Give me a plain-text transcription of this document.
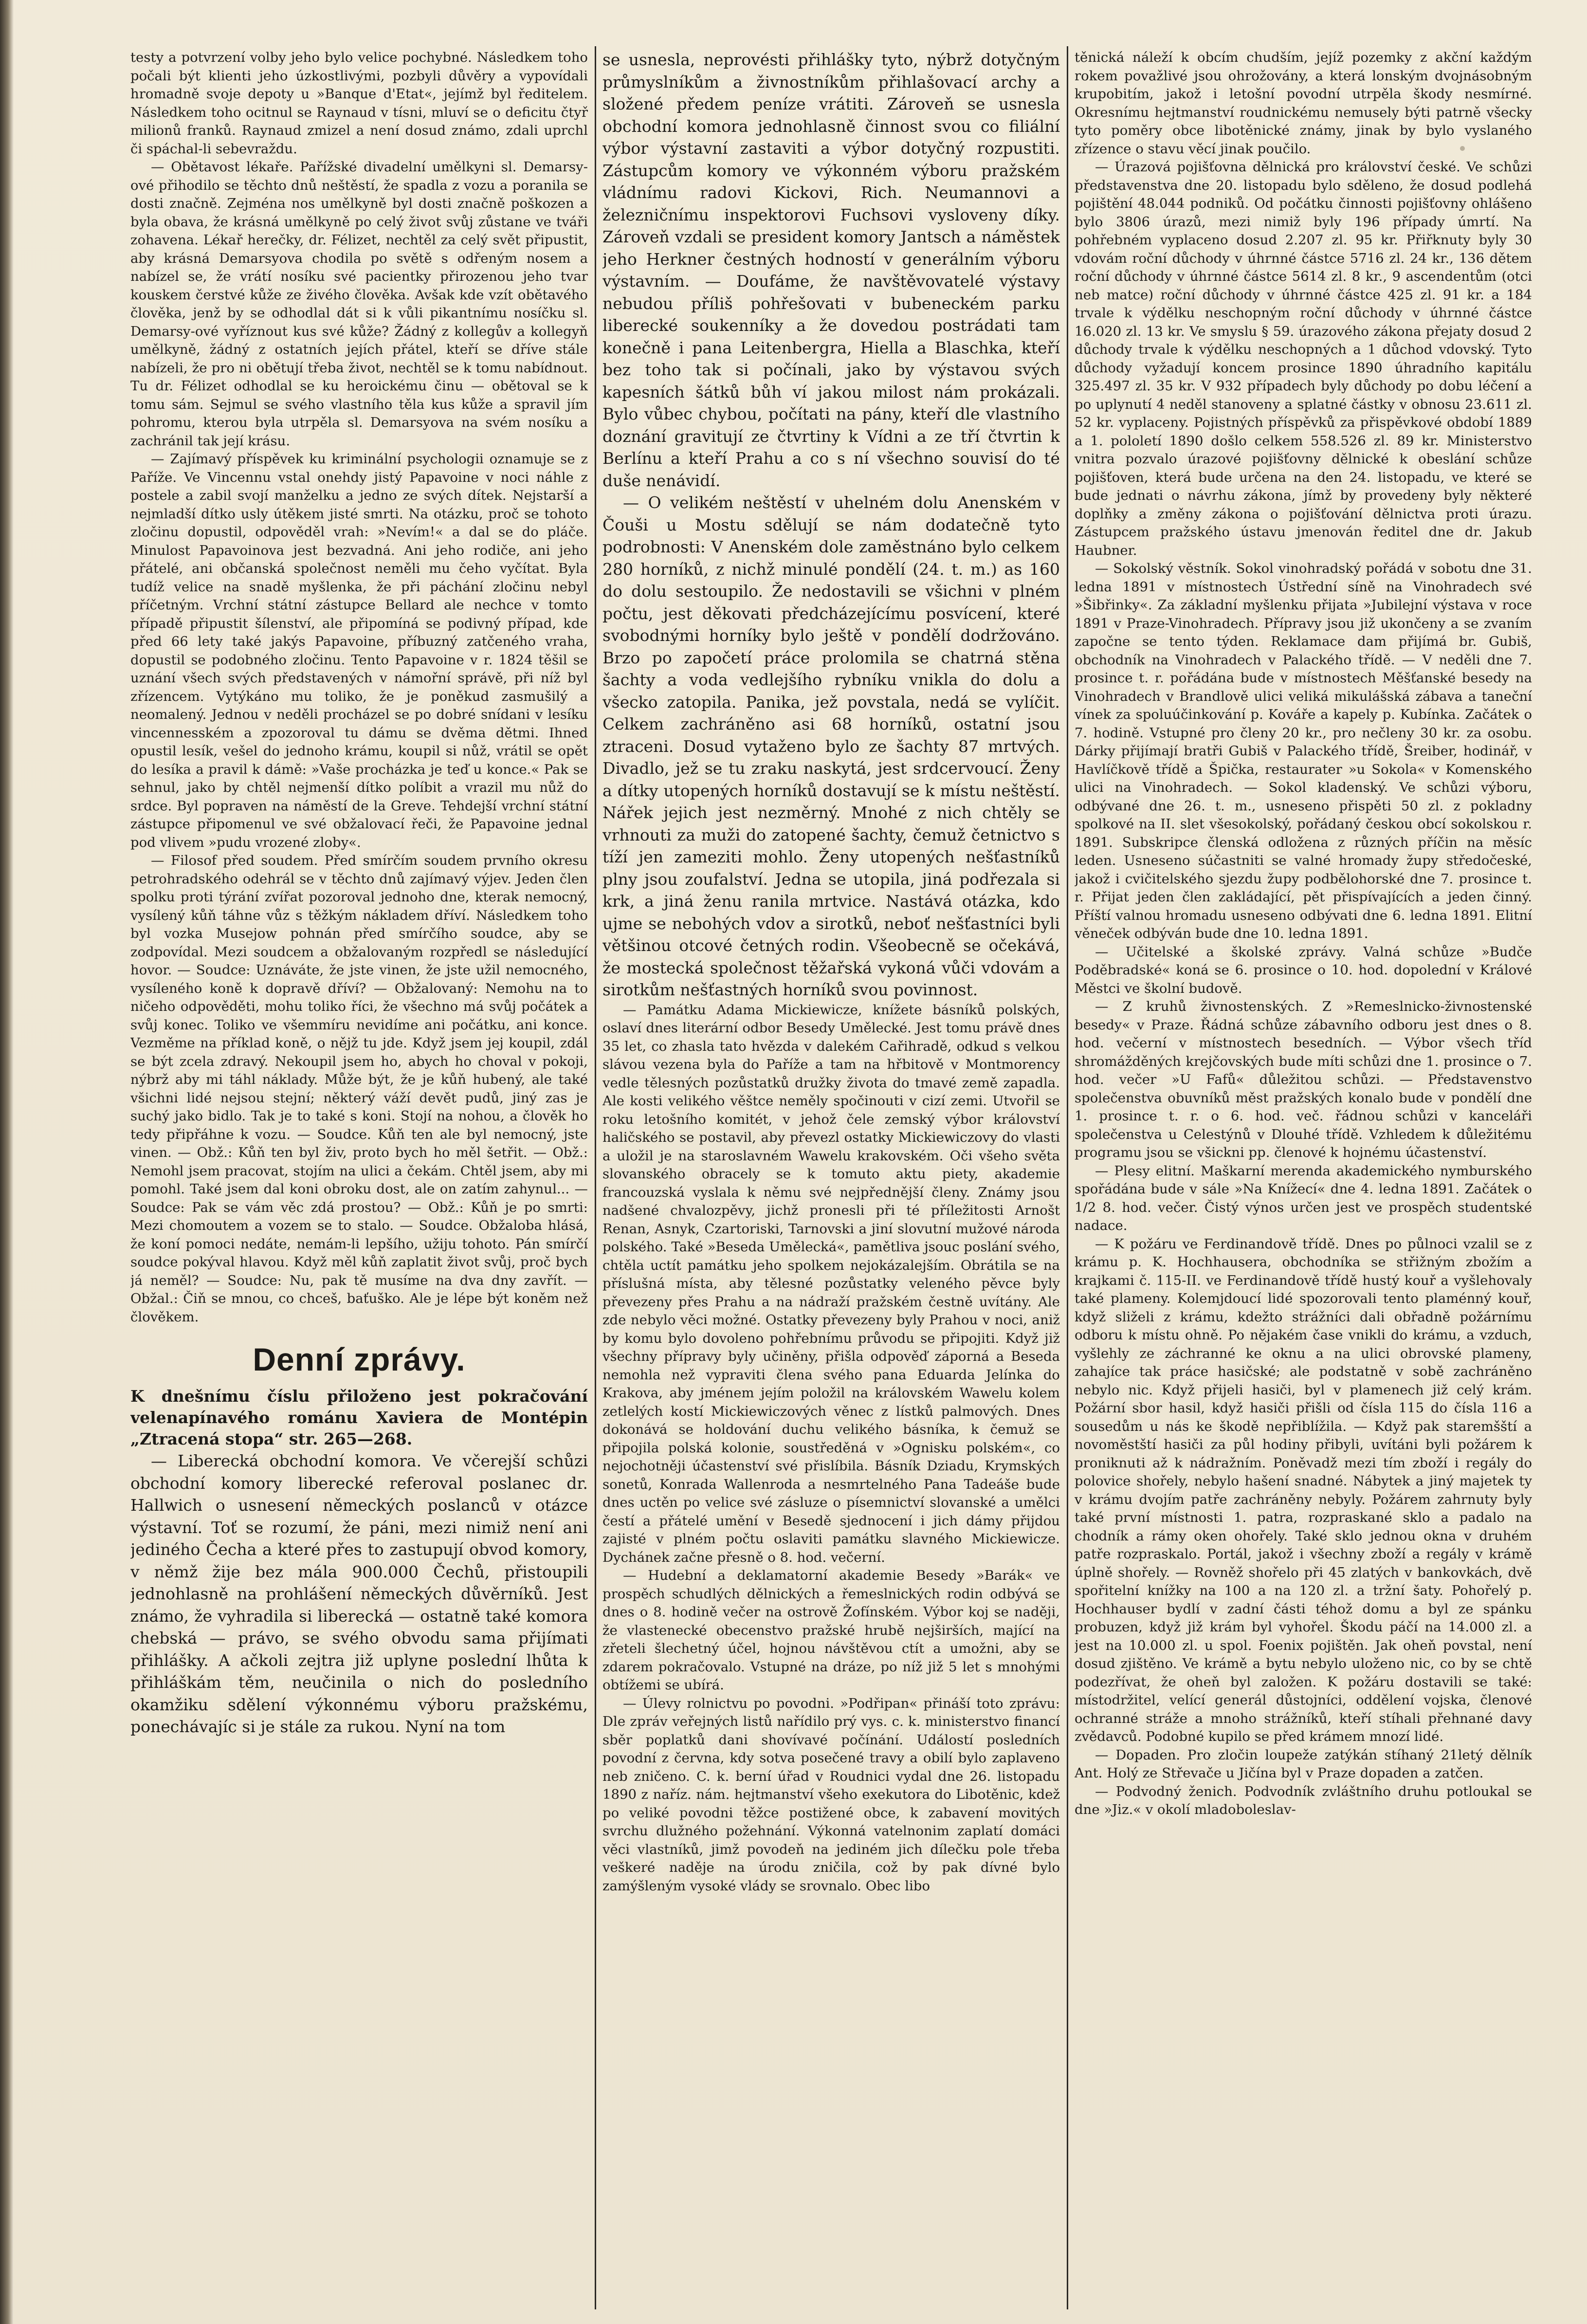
testy a potvrzení volby jeho bylo velice pochybné. Následkem toho počali být klienti jeho úzkostlivými, pozbyli důvěry a vypovídali hromadně svoje depoty u »Banque d'Etat«, jejímž byl ředitelem. Následkem toho ocitnul se Raynaud v tísni, mluví se o deficitu čtyř milionů franků. Raynaud zmizel a není dosud známo, zdali uprchl či spáchal-li sebevraždu.

— Obětavost lékaře. Pařížské divadelní umělkyni sl. Demarsy-ové přihodilo se těchto dnů neštěstí, že spadla z vozu a poranila se dosti značně. Zejména nos umělkyně byl dosti značně poškozen a byla obava, že krásná umělkyně po celý život svůj zůstane ve tváři zohavena. Lékař herečky, dr. Félizet, nechtěl za celý svět připustit, aby krásná Demarsyova chodila po světě s odřeným nosem a nabízel se, že vrátí nosíku své pacientky přirozenou jeho tvar kouskem čerstvé kůže ze živého člověka. Avšak kde vzít obětavého člověka, jenž by se odhodlal dát si k vůli pikantnímu nosíčku sl. Demarsy-ové vyříznout kus své kůže? Žádný z kollegův a kollegyň umělkyně, žádný z ostatních jejích přátel, kteří se dříve stále nabízeli, že pro ni obětují třeba život, nechtěl se k tomu nabídnout. Tu dr. Félizet odhodlal se ku heroickému činu — obětoval se k tomu sám. Sejmul se svého vlastního těla kus kůže a spravil jím pohromu, kterou byla utrpěla sl. Demarsyova na svém nosíku a zachránil tak její krásu.

— Zajímavý příspěvek ku kriminální psychologii oznamuje se z Paříže. Ve Vincennu vstal onehdy jistý Papavoine v noci náhle z postele a zabil svojí manželku a jedno ze svých dítek. Nejstarší a nejmladší dítko usly útěkem jisté smrti. Na otázku, proč se tohoto zločinu dopustil, odpověděl vrah: »Nevím!« a dal se do pláče. Minulost Papavoinova jest bezvadná. Ani jeho rodiče, ani jeho přátelé, ani občanská společnost neměli mu čeho vyčítat. Byla tudíž velice na snadě myšlenka, že při páchání zločinu nebyl příčetným. Vrchní státní zástupce Bellard ale nechce v tomto případě připustit šílenství, ale připomíná se podivný případ, kde před 66 lety také jakýs Papavoine, příbuzný zatčeného vraha, dopustil se podobného zločinu. Tento Papavoine v r. 1824 těšil se uznání všech svých představených v námořní správě, při níž byl zřízencem. Vytýkáno mu toliko, že je poněkud zasmušilý a neomalený. Jednou v neděli procházel se po dobré snídani v lesíku vincennesském a zpozoroval tu dámu se dvěma dětmi. Ihned opustil lesík, vešel do jednoho krámu, koupil si nůž, vrátil se opět do lesíka a pravil k dámě: »Vaše procházka je teď u konce.« Pak se sehnul, jako by chtěl nejmenší dítko políbit a vrazil mu nůž do srdce. Byl popraven na náměstí de la Greve. Tehdejší vrchní státní zástupce připomenul ve své obžalovací řeči, že Papavoine jednal pod vlivem »pudu vrozené zloby«.

— Filosof před soudem. Před smírčím soudem prvního okresu petrohradského odehrál se v těchto dnů zajímavý výjev. Jeden člen spolku proti týrání zvířat pozoroval jednoho dne, kterak nemocný, vysílený kůň táhne vůz s těžkým nákladem dříví. Následkem toho byl vozka Musejow pohnán před smírčího soudce, aby se zodpovídal. Mezi soudcem a obžalovaným rozpředl se následující hovor. — Soudce: Uznáváte, že jste vinen, že jste užil nemocného, vysíleného koně k dopravě dříví? — Obžalovaný: Nemohu na to ničeho odpověděti, mohu toliko říci, že všechno má svůj počátek a svůj konec. Toliko ve všemmíru nevidíme ani počátku, ani konce. Vezměme na příklad koně, o nějž tu jde. Když jsem jej koupil, zdál se být zcela zdravý. Nekoupil jsem ho, abych ho choval v pokoji, nýbrž aby mi táhl náklady. Může být, že je kůň hubený, ale také všichni lidé nejsou stejní; některý váží devět pudů, jiný zas je suchý jako bidlo. Tak je to také s koni. Stojí na nohou, a člověk ho tedy připřáhne k vozu. — Soudce. Kůň ten ale byl nemocný, jste vinen. — Obž.: Kůň ten byl živ, proto bych ho měl šetřit. — Obž.: Nemohl jsem pracovat, stojím na ulici a čekám. Chtěl jsem, aby mi pomohl. Také jsem dal koni obroku dost, ale on zatím zahynul... — Soudce: Pak se vám věc zdá prostou? — Obž.: Kůň je po smrti: Mezi chomoutem a vozem se to stalo. — Soudce. Obžaloba hlásá, že koní pomoci nedáte, nemám-li lepšího, užiju tohoto. Pán smírčí soudce pokýval hlavou. Když měl kůň zaplatit život svůj, proč bych já neměl? — Soudce: Nu, pak tě musíme na dva dny zavřít. — Obžal.: Čiň se mnou, co chceš, baťuško. Ale je lépe být koněm než člověkem.

Denní zprávy.

K dnešnímu číslu přiloženo jest pokračování velenapínavého románu Xaviera de Montépin „Ztracená stopa“ str. 265—268.

— Liberecká obchodní komora. Ve včerejší schůzi obchodní komory liberecké referoval poslanec dr. Hallwich o usnesení německých poslanců v otázce výstavní. Toť se rozumí, že páni, mezi nimiž není ani jediného Čecha a které přes to zastupují obvod komory, v němž žije bez mála 900.000 Čechů, přistoupili jednohlasně na prohlášení německých důvěrníků. Jest známo, že vyhradila si liberecká — ostatně také komora chebská — právo, se svého obvodu sama přijímati přihlášky. A ačkoli zejtra již uplyne poslední lhůta k přihláškám těm, neučinila o nich do posledního okamžiku sdělení výkonnému výboru pražskému, ponechávajíc si je stále za rukou. Nyní na tom

se usnesla, neprovésti přihlášky tyto, nýbrž dotyčným průmyslníkům a živnostníkům přihlašovací archy a složené předem peníze vrátiti. Zároveň se usnesla obchodní komora jednohlasně činnost svou co filiální výbor výstavní zastaviti a výbor dotyčný rozpustiti. Zástupcům komory ve výkonném výboru pražském vládnímu radovi Kickovi, Rich. Neumannovi a železničnímu inspektorovi Fuchsovi vysloveny díky. Zároveň vzdali se president komory Jantsch a náměstek jeho Herkner čestných hodností v generálním výboru výstavním. — Doufáme, že navštěvovatelé výstavy nebudou příliš pohřešovati v bubeneckém parku liberecké soukenníky a že dovedou postrádati tam konečně i pana Leitenbergra, Hiella a Blaschka, kteří bez toho tak si počínali, jako by výstavou svých kapesních šátků bůh ví jakou milost nám prokázali. Bylo vůbec chybou, počítati na pány, kteří dle vlastního doznání gravitují ze čtvrtiny k Vídni a ze tří čtvrtin k Berlínu a kteří Prahu a co s ní všechno souvisí do té duše nenávidí.

— O velikém neštěstí v uhelném dolu Anenském v Čouši u Mostu sdělují se nám dodatečně tyto podrobnosti: V Anenském dole zaměstnáno bylo celkem 280 horníků, z nichž minulé pondělí (24. t. m.) as 160 do dolu sestoupilo. Že nedostavili se všichni v plném počtu, jest děkovati předcházejícímu posvícení, které svobodnými horníky bylo ještě v pondělí dodržováno. Brzo po započetí práce prolomila se chatrná stěna šachty a voda vedlejšího rybníku vnikla do dolu a všecko zatopila. Panika, jež povstala, nedá se vylíčit. Celkem zachráněno asi 68 horníků, ostatní jsou ztraceni. Dosud vytaženo bylo ze šachty 87 mrtvých. Divadlo, jež se tu zraku naskytá, jest srdcervoucí. Ženy a dítky utopených horníků dostavují se k místu neštěstí. Nářek jejich jest nezměrný. Mnohé z nich chtěly se vrhnouti za muži do zatopené šachty, čemuž četnictvo s tíží jen zameziti mohlo. Ženy utopených nešťastníků plny jsou zoufalství. Jedna se utopila, jiná podřezala si krk, a jiná ženu ranila mrtvice. Nastává otázka, kdo ujme se nebohých vdov a sirotků, neboť nešťastníci byli většinou otcové četných rodin. Všeobecně se očekává, že mostecká společnost těžařská vykoná vůči vdovám a sirotkům nešťastných horníků svou povinnost.

— Památku Adama Mickiewicze, knížete básníků polských, oslaví dnes literární odbor Besedy Umělecké. Jest tomu právě dnes 35 let, co zhasla tato hvězda v dalekém Cařihradě, odkud s velkou slávou vezena byla do Paříže a tam na hřbitově v Montmorency vedle tělesných pozůstatků družky života do tmavé země zapadla. Ale kosti velikého věštce neměly spočinouti v cizí zemi. Utvořil se roku letošního komitét, v jehož čele zemský výbor království haličského se postavil, aby převezl ostatky Mickiewiczovy do vlasti a uložil je na staroslavném Wawelu krakovském. Oči všeho světa slovanského obracely se k tomuto aktu piety, akademie francouzská vyslala k němu své nejpřednější členy. Známy jsou nadšené chvalozpěvy, jichž pronesli při té příležitosti Arnošt Renan, Asnyk, Czartoriski, Tarnovski a jiní slovutní mužové národa polského. Také »Beseda Umělecká«, pamětliva jsouc poslání svého, chtěla uctít památku jeho spolkem nejokázalejším. Obrátila se na příslušná místa, aby tělesné pozůstatky veleného pěvce byly převezeny přes Prahu a na nádraží pražském čestně uvítány. Ale zde nebylo věci možné. Ostatky převezeny byly Prahou v noci, aniž by komu bylo dovoleno pohřebnímu průvodu se připojiti. Když již všechny přípravy byly učiněny, přišla odpověď záporná a Beseda nemohla než vypraviti člena svého pana Eduarda Jelínka do Krakova, aby jménem jejím položil na královském Wawelu kolem zetlelých kostí Mickiewiczových věnec z lístků palmových. Dnes dokonává se holdování duchu velikého básníka, k čemuž se připojila polská kolonie, soustředěná v »Ognisku polském«, co nejochotněji účastenství své přislíbila. Básník Dziadu, Krymských sonetů, Konrada Wallenroda a nesmrtelného Pana Tadeáše bude dnes uctěn po velice své zásluze o písemnictví slovanské a umělci čestí a přátelé umění v Besedě sjednocení i jich dámy přijdou zajisté v plném počtu oslaviti památku slavného Mickiewicze. Dychánek začne přesně o 8. hod. večerní.

— Hudební a deklamatorní akademie Besedy »Barák« ve prospěch schudlých dělnických a řemeslnických rodin odbývá se dnes o 8. hodině večer na ostrově Žofínském. Výbor koj se naději, že vlastenecké obecenstvo pražské hrubě nejširších, mající na zřeteli šlechetný účel, hojnou návštěvou ctít a umožni, aby se zdarem pokračovalo. Vstupné na dráze, po níž již 5 let s mnohými obtížemi se ubírá.

— Úlevy rolnictvu po povodni. »Podřipan« přináší toto zprávu: Dle zpráv veřejných listů nařídilo prý vys. c. k. ministerstvo financí sběr poplatků dani shovívavé počínání. Událostí posledních povodní z června, kdy sotva posečené travy a obilí bylo zaplaveno neb zničeno. C. k. berní úřad v Roudnici vydal dne 26. listopadu 1890 z naříz. nám. hejtmanství všeho exekutora do Libotěnic, kdež po veliké povodni těžce postižené obce, k zabavení movitých svrchu dlužného požehnání. Výkonná vatelnonim zaplatí domáci věci vlastníků, jimž povodeň na jediném jich dílečku pole třeba veškeré naděje na úrodu zničila, což by pak dívné bylo zamýšleným vysoké vlády se srovnalo. Obec libo

těnická náleží k obcím chudším, jejíž pozemky z akční každým rokem považlivé jsou ohrožovány, a která lonským dvojnásobným krupobitím, jakož i letošní povodní utrpěla škody nesmírné. Okresnímu hejtmanství roudnickému nemusely býti patrně všecky tyto poměry obce libotěnické známy, jinak by bylo vyslaného zřízence o stavu věcí jinak poučilo.

— Úrazová pojišťovna dělnická pro království české. Ve schůzi představenstva dne 20. listopadu bylo sděleno, že dosud podlehá pojištění 48.044 podniků. Od počátku činnosti pojišťovny ohlášeno bylo 3806 úrazů, mezi nimiž byly 196 případy úmrtí. Na pohřebném vyplaceno dosud 2.207 zl. 95 kr. Přiřknuty byly 30 vdovám roční důchody v úhrnné částce 5716 zl. 24 kr., 136 dětem roční důchody v úhrnné částce 5614 zl. 8 kr., 9 ascendentům (otci neb matce) roční důchody v úhrnné částce 425 zl. 91 kr. a 184 trvale k výdělku neschopným roční důchody v úhrnné částce 16.020 zl. 13 kr. Ve smyslu § 59. úrazového zákona přejaty dosud 2 důchody trvale k výdělku neschopných a 1 důchod vdovský. Tyto důchody vyžadují koncem prosince 1890 úhradního kapitálu 325.497 zl. 35 kr. V 932 případech byly důchody po dobu léčení a po uplynutí 4 neděl stanoveny a splatné částky v obnosu 23.611 zl. 52 kr. vyplaceny. Pojistných příspěvků za přispěvkové období 1889 a 1. pololetí 1890 došlo celkem 558.526 zl. 89 kr. Ministerstvo vnitra pozvalo úrazové pojišťovny dělnické k obeslání schůze pojišťoven, která bude určena na den 24. listopadu, ve které se bude jednati o návrhu zákona, jímž by provedeny byly některé doplňky a změny zákona o pojišťování dělnictva proti úrazu. Zástupcem pražského ústavu jmenován ředitel dne dr. Jakub Haubner.

— Sokolský věstník. Sokol vinohradský pořádá v sobotu dne 31. ledna 1891 v místnostech Ústřední síně na Vinohradech své »Šibřinky«. Za základní myšlenku přijata »Jubilejní výstava v roce 1891 v Praze-Vinohradech. Přípravy jsou již ukončeny a se zvaním započne se tento týden. Reklamace dam přijímá br. Gubiš, obchodník na Vinohradech v Palackého třídě. — V neděli dne 7. prosince t. r. pořádána bude v místnostech Měšťanské besedy na Vinohradech v Brandlově ulici veliká mikulášská zábava a taneční vínek za spoluúčinkování p. Kováře a kapely p. Kubínka. Začátek o 7. hodině. Vstupné pro členy 20 kr., pro nečleny 30 kr. za osobu. Dárky přijímají bratři Gubiš v Palackého třídě, Šreiber, hodinář, v Havlíčkově třídě a Špička, restaurater »u Sokola« v Komenského ulici na Vinohradech. — Sokol kladenský. Ve schůzi výboru, odbývané dne 26. t. m., usneseno přispěti 50 zl. z pokladny spolkové na II. slet všesokolský, pořádaný českou obcí sokolskou r. 1891. Subskripce členská odložena z různých příčin na měsíc leden. Usneseno súčastniti se valné hromady župy středočeské, jakož i cvičitelského sjezdu župy podbělohorské dne 7. prosince t. r. Přijat jeden člen zakládající, pět přispívajících a jeden činný. Příští valnou hromadu usneseno odbývati dne 6. ledna 1891. Elitní věneček odbýván bude dne 10. ledna 1891.

— Učitelské a školské zprávy. Valná schůze »Budče Poděbradské« koná se 6. prosince o 10. hod. dopolední v Králové Městci ve školní budově.

— Z kruhů živnostenských. Z »Remeslnicko-živnostenské besedy« v Praze. Řádná schůze zábavního odboru jest dnes o 8. hod. večerní v místnostech besedních. — Výbor všech tříd shromážděných krejčovských bude míti schůzi dne 1. prosince o 7. hod. večer »U Fafů« důležitou schůzi. — Představenstvo společenstva obuvníků měst pražských konalo bude v pondělí dne 1. prosince t. r. o 6. hod. več. řádnou schůzi v kanceláři společenstva u Celestýnů v Dlouhé třídě. Vzhledem k důležitému programu jsou se všickni pp. členové k hojnému účastenství.

— Plesy elitní. Maškarní merenda akademického nymburského spořádána bude v sále »Na Knížecí« dne 4. ledna 1891. Začátek o 1/2 8. hod. večer. Čistý výnos určen jest ve prospěch studentské nadace.

— K požáru ve Ferdinandově třídě. Dnes po půlnoci vzalil se z krámu p. K. Hochhausera, obchodníka se střižným zbožím a krajkami č. 115-II. ve Ferdinandově třídě hustý kouř a vyšlehovaly také plameny. Kolemjdoucí lidé spozorovali tento plaménný kouř, když sliželi z krámu, kdežto strážníci dali obřadně požárnímu odboru k místu ohně. Po nějakém čase vnikli do krámu, a vzduch, vyšlehly ze záchranné ke oknu a na ulici obrovské plameny, zahajíce tak práce hasičské; ale podstatně v sobě zachráněno nebylo nic. Když přijeli hasiči, byl v plamenech již celý krám. Požární sbor hasil, když hasiči přišli od čísla 115 do čísla 116 a sousedům u nás ke škodě nepřiblížila. — Když pak staremšští a novoměstští hasiči za půl hodiny přibyli, uvítáni byli požárem k proniknuti až k nádražním. Poněvadž mezi tím zboží i regály do polovice shořely, nebylo hašení snadné. Nábytek a jiný majetek ty v krámu dvojím patře zachráněny nebyly. Požárem zahrnuty byly také první místnosti 1. patra, rozpraskané sklo a padalo na chodník a rámy oken ohořely. Také sklo jednou okna v druhém patře rozpraskalo. Portál, jakož i všechny zboží a regály v krámě úplně shořely. — Rovněž shořelo při 45 zlatých v bankovkách, dvě spořitelní knížky na 100 a na 120 zl. a tržní šaty. Pohořelý p. Hochhauser bydlí v zadní části téhož domu a byl ze spánku probuzen, když již krám byl vyhořel. Škodu páčí na 14.000 zl. a jest na 10.000 zl. u spol. Foenix pojištěn. Jak oheň povstal, není dosud zjištěno. Ve krámě a bytu nebylo uloženo nic, co by se chtě podezřívat, že oheň byl založen. K požáru dostavili se také: místodržitel, velící generál důstojníci, oddělení vojska, členové ochranné stráže a mnoho strážníků, kteří stíhali přehnané davy zvědavců. Podobné kupilo se před krámem mnozí lidé.

— Dopaden. Pro zločin loupeže zatýkán stíhaný 21letý dělník Ant. Holý ze Střevače u Jičína byl v Praze dopaden a zatčen.

— Podvodný ženich. Podvodník zvláštního druhu potloukal se dne »Jiz.« v okolí mladoboleslav-
